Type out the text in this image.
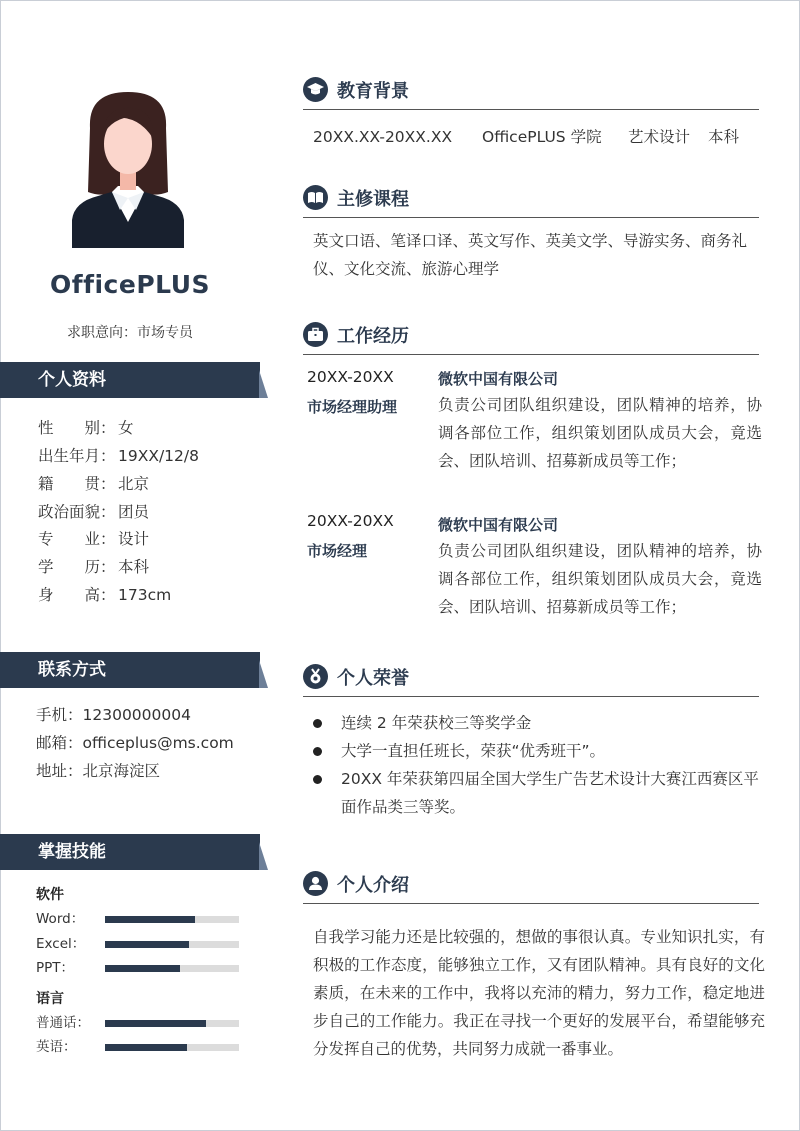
OfficePLUS
求职意向：市场专员
个人资料
性　　别： 女
出生年月： 19XX/12/8
籍　　贯： 北京
政治面貌： 团员
专　　业： 设计
学　　历： 本科
身　　高： 173cm
联系方式
手机：12300000004
邮箱：officeplus@ms.com
地址：北京海淀区
掌握技能
软件
Word：
Excel：
PPT：
语言
普通话：
英语：
教育背景
20XX.XX-20XX.XX OfficePLUS 学院 艺术设计 本科
主修课程
英文口语、笔译口译、英文写作、英美文学、导游实务、商务礼仪、文化交流、旅游心理学
工作经历
20XX-20XX
市场经理助理
微软中国有限公司
负责公司团队组织建设，团队精神的培养，协调各部位工作，组织策划团队成员大会，竟选会、团队培训、招募新成员等工作；
20XX-20XX
市场经理
微软中国有限公司
负责公司团队组织建设，团队精神的培养，协调各部位工作，组织策划团队成员大会，竟选会、团队培训、招募新成员等工作；
个人荣誉
连续 2 年荣获校三等奖学金
大学一直担任班长，荣获“优秀班干”。
20XX 年荣获第四届全国大学生广告艺术设计大赛江西赛区平 面作品类三等奖。
个人介绍
自我学习能力还是比较强的，想做的事很认真。专业知识扎实，有积极的工作态度，能够独立工作，又有团队精神。具有良好的文化素质，在未来的工作中，我将以充沛的精力，努力工作，稳定地进步自己的工作能力。我正在寻找一个更好的发展平台，希望能够充分发挥自己的优势，共同努力成就一番事业。
